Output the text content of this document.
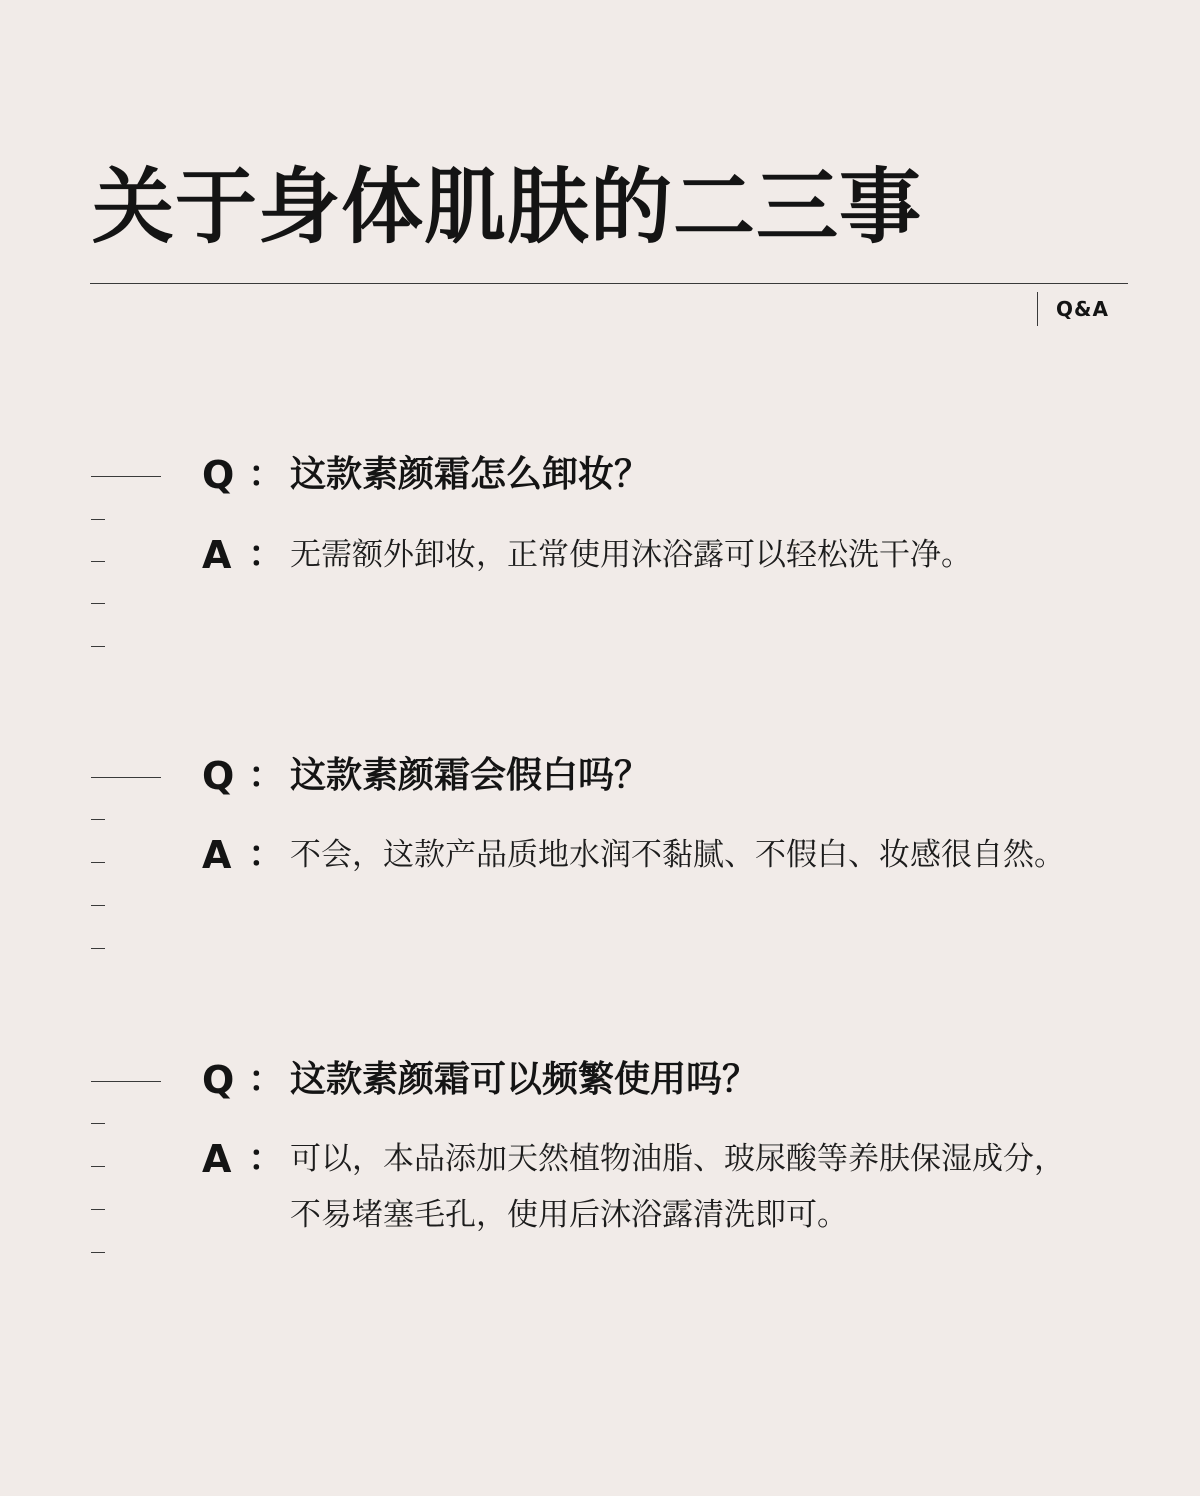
关于身体肌肤的二三事
Q&A
Q ： 这款素颜霜怎么卸妆？
A ： 无需额外卸妆，正常使用沐浴露可以轻松洗干净。

Q ： 这款素颜霜会假白吗？
A ： 不会，这款产品质地水润不黏腻、不假白、妆感很自然。

Q ： 这款素颜霜可以频繁使用吗？
A ： 可以，本品添加天然植物油脂、玻尿酸等养肤保湿成分，
不易堵塞毛孔，使用后沐浴露清洗即可。
